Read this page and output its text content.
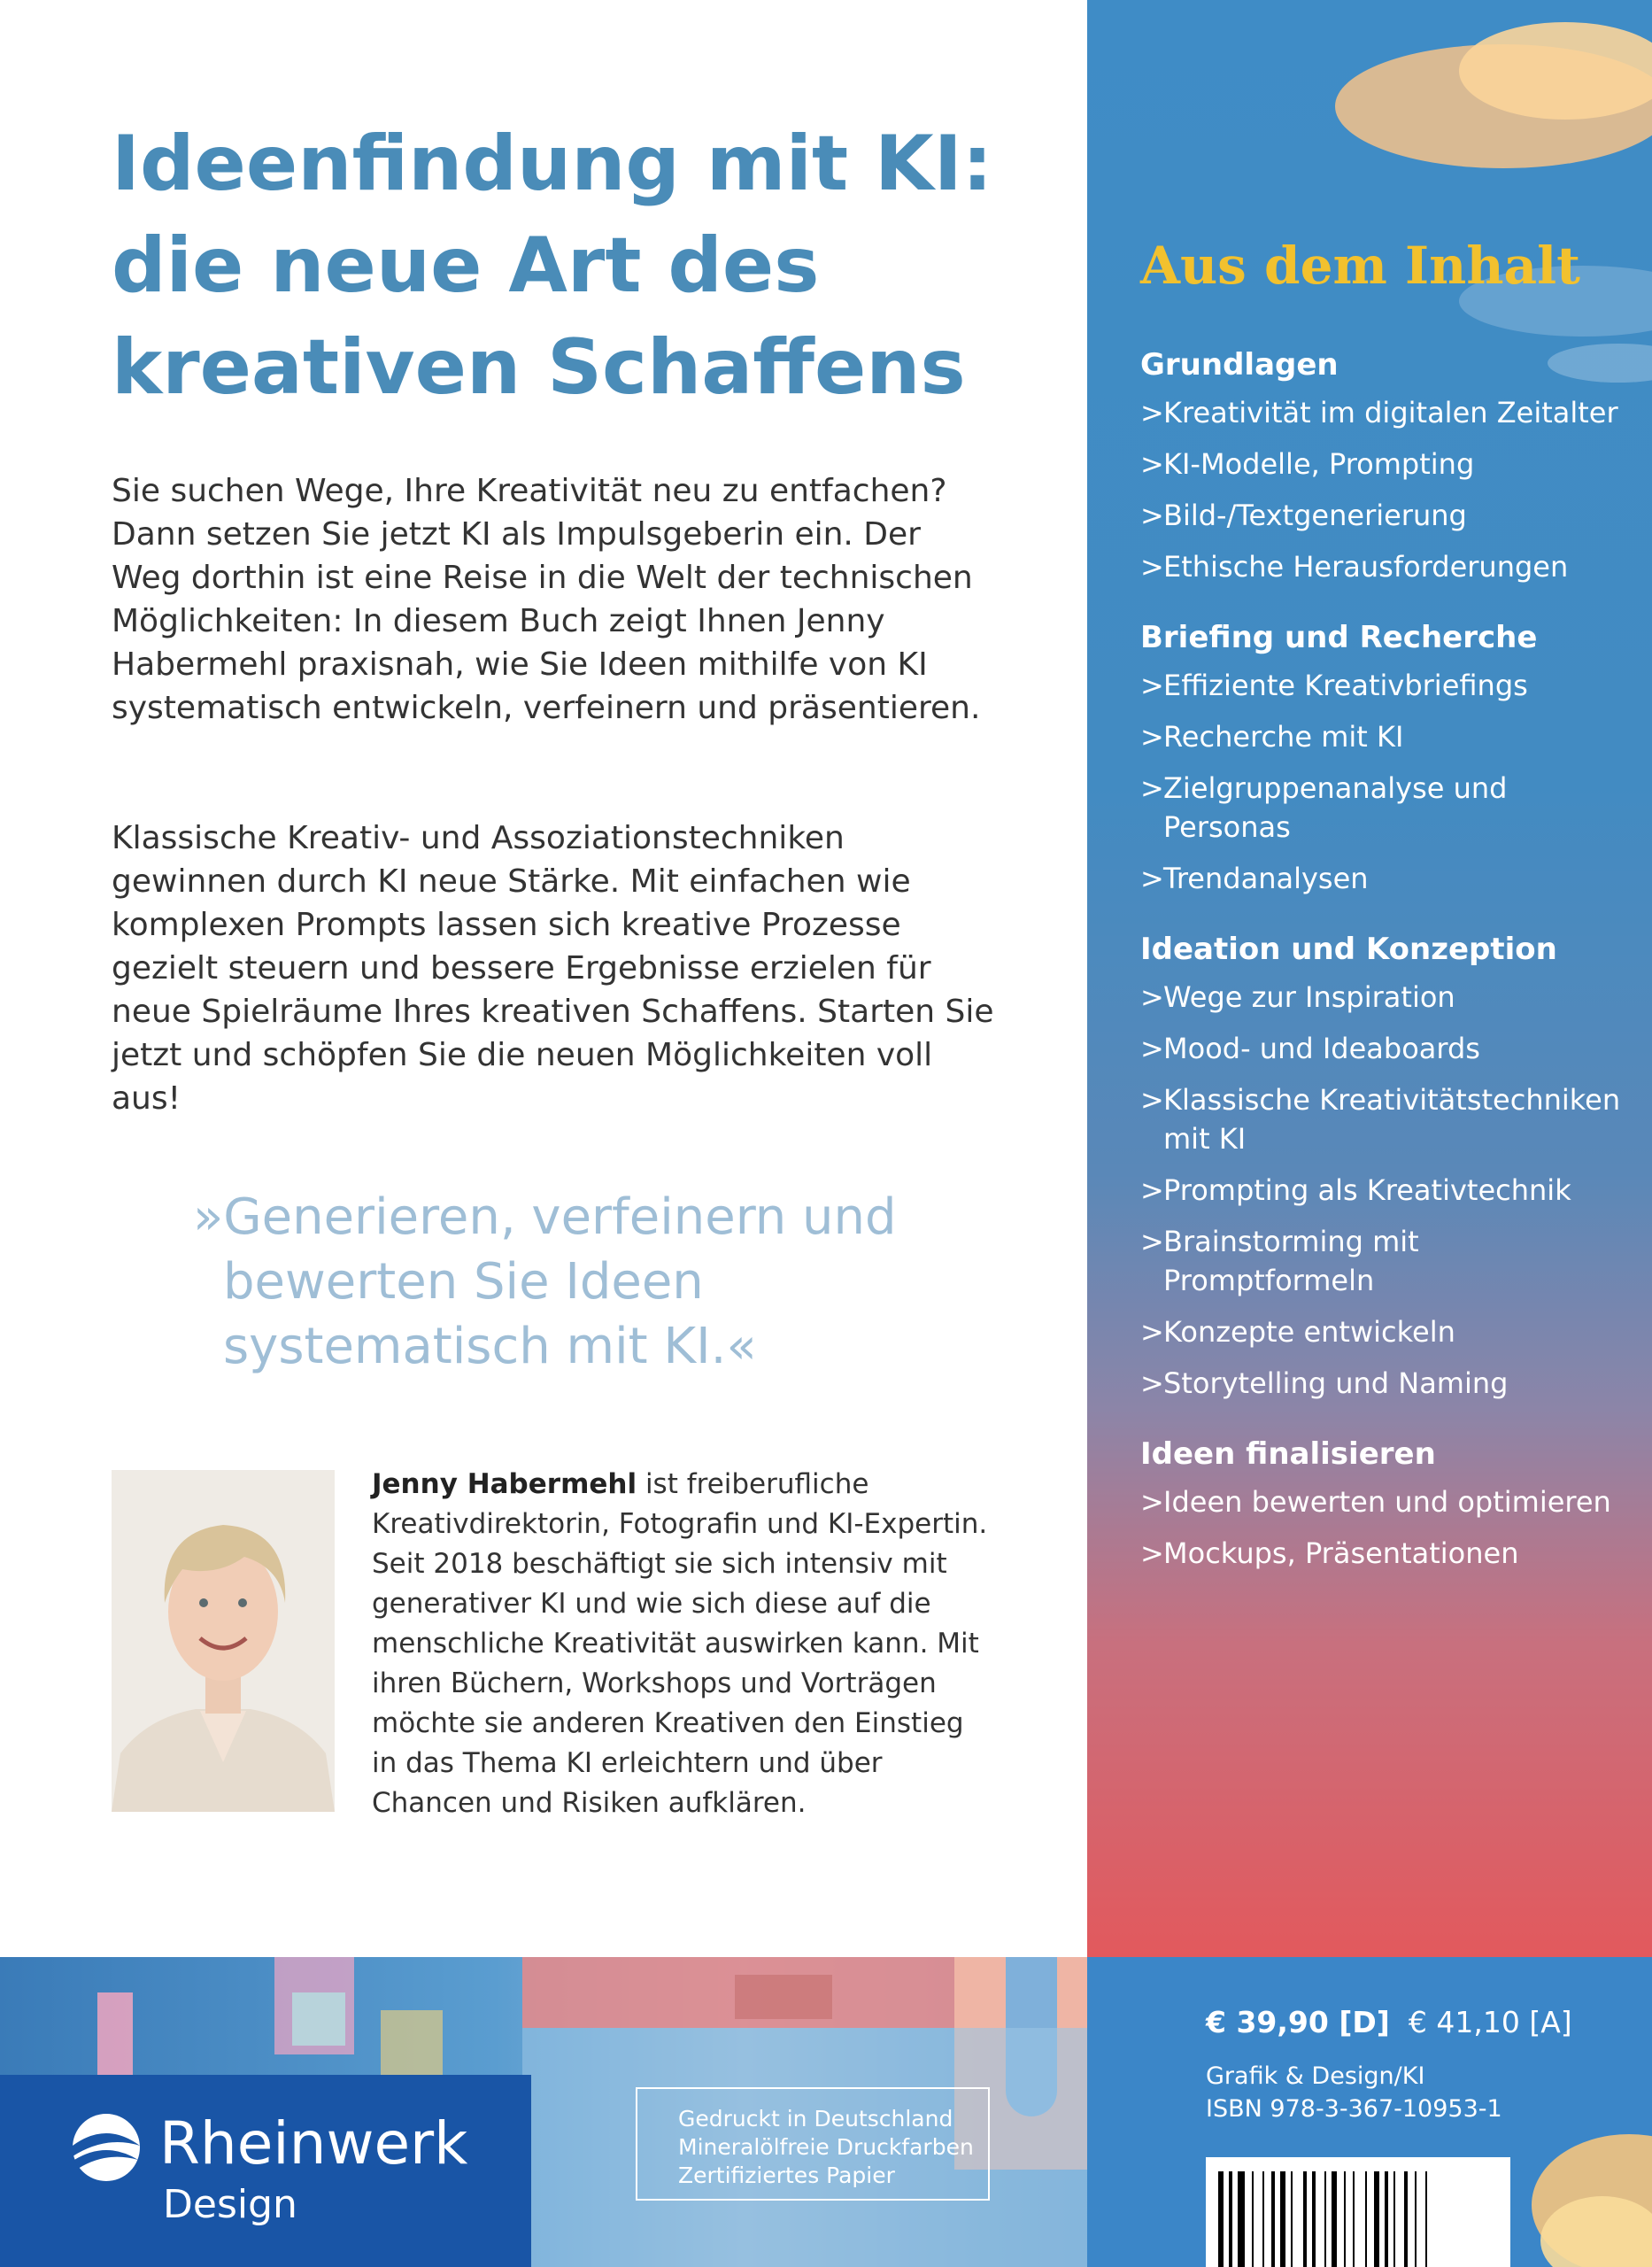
Ideenfindung mit KI:
die neue Art des
kreativen Schaffens

Sie suchen Wege, Ihre Kreativität neu zu entfachen? Dann setzen Sie jetzt KI als Impulsgeberin ein. Der Weg dorthin ist eine Reise in die Welt der technischen Möglichkeiten: In diesem Buch zeigt Ihnen Jenny Habermehl praxisnah, wie Sie Ideen mithilfe von KI systematisch entwickeln, verfeinern und präsentieren.

Klassische Kreativ- und Assoziationstechniken gewinnen durch KI neue Stärke. Mit einfachen wie komplexen Prompts lassen sich kreative Prozesse gezielt steuern und bessere Ergebnisse erzielen für neue Spielräume Ihres kreativen Schaffens. Starten Sie jetzt und schöpfen Sie die neuen Möglichkeiten voll aus!

»Generieren, verfeinern und bewerten Sie Ideen systematisch mit KI.«

Jenny Habermehl ist freiberufliche Kreativdirektorin, Fotografin und KI-Expertin. Seit 2018 beschäftigt sie sich intensiv mit generativer KI und wie sich diese auf die menschliche Kreativität auswirken kann. Mit ihren Büchern, Workshops und Vorträgen möchte sie anderen Kreativen den Einstieg in das Thema KI erleichtern und über Chancen und Risiken aufklären.

Aus dem Inhalt
Grundlagen
> Kreativität im digitalen Zeitalter
> KI-Modelle, Prompting
> Bild-/Textgenerierung
> Ethische Herausforderungen
Briefing und Recherche
> Effiziente Kreativbriefings
> Recherche mit KI
> Zielgruppenanalyse und Personas
> Trendanalysen
Ideation und Konzeption
> Wege zur Inspiration
> Mood- und Ideaboards
> Klassische Kreativitätstechniken mit KI
> Prompting als Kreativtechnik
> Brainstorming mit Promptformeln
> Konzepte entwickeln
> Storytelling und Naming
Ideen finalisieren
> Ideen bewerten und optimieren
> Mockups, Präsentationen

Rheinwerk

Design

Gedruckt in Deutschland
Mineralölfreie Druckfarben
Zertifiziertes Papier

€ 39,90 [D] € 41,10 [A]

Grafik & Design/KI
ISBN 978-3-367-10953-1
